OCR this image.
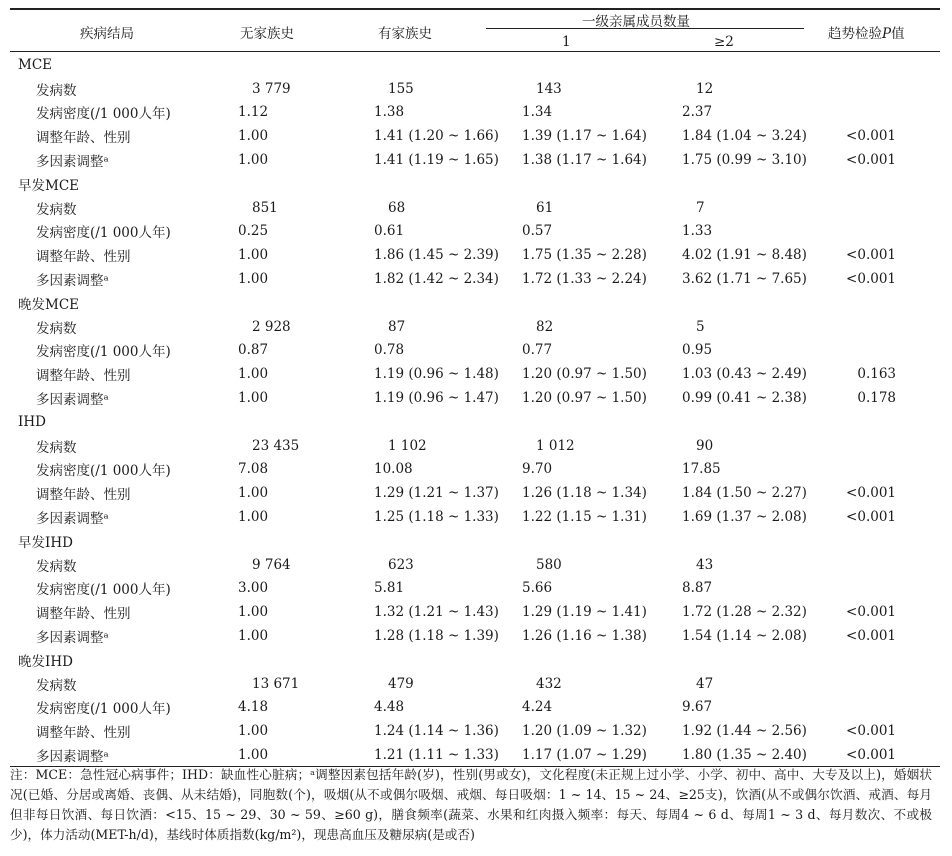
疾病结局	无家族史	有家族史
一级亲属成员数量
1	≥2	趋势检验P值
MCE					
发病数	3 779	155	143	12	
发病密度(/1 000人年)	1.12	1.38	1.34	2.37	
调整年龄、性别	1.00	1.41 (1.20 ~ 1.66)	1.39 (1.17 ~ 1.64)	1.84 (1.04 ~ 3.24)	<0.001
多因素调整ᵃ	1.00	1.41 (1.19 ~ 1.65)	1.38 (1.17 ~ 1.64)	1.75 (0.99 ~ 3.10)	<0.001
早发MCE					
发病数	851	68	61	7	
发病密度(/1 000人年)	0.25	0.61	0.57	1.33	
调整年龄、性别	1.00	1.86 (1.45 ~ 2.39)	1.75 (1.35 ~ 2.28)	4.02 (1.91 ~ 8.48)	<0.001
多因素调整ᵃ	1.00	1.82 (1.42 ~ 2.34)	1.72 (1.33 ~ 2.24)	3.62 (1.71 ~ 7.65)	<0.001
晚发MCE					
发病数	2 928	87	82	5	
发病密度(/1 000人年)	0.87	0.78	0.77	0.95	
调整年龄、性别	1.00	1.19 (0.96 ~ 1.48)	1.20 (0.97 ~ 1.50)	1.03 (0.43 ~ 2.49)	0.163
多因素调整ᵃ	1.00	1.19 (0.96 ~ 1.47)	1.20 (0.97 ~ 1.50)	0.99 (0.41 ~ 2.38)	0.178
IHD					
发病数	23 435	1 102	1 012	90	
发病密度(/1 000人年)	7.08	10.08	9.70	17.85	
调整年龄、性别	1.00	1.29 (1.21 ~ 1.37)	1.26 (1.18 ~ 1.34)	1.84 (1.50 ~ 2.27)	<0.001
多因素调整ᵃ	1.00	1.25 (1.18 ~ 1.33)	1.22 (1.15 ~ 1.31)	1.69 (1.37 ~ 2.08)	<0.001
早发IHD					
发病数	9 764	623	580	43	
发病密度(/1 000人年)	3.00	5.81	5.66	8.87	
调整年龄、性别	1.00	1.32 (1.21 ~ 1.43)	1.29 (1.19 ~ 1.41)	1.72 (1.28 ~ 2.32)	<0.001
多因素调整ᵃ	1.00	1.28 (1.18 ~ 1.39)	1.26 (1.16 ~ 1.38)	1.54 (1.14 ~ 2.08)	<0.001
晚发IHD					
发病数	13 671	479	432	47	
发病密度(/1 000人年)	4.18	4.48	4.24	9.67	
调整年龄、性别	1.00	1.24 (1.14 ~ 1.36)	1.20 (1.09 ~ 1.32)	1.92 (1.44 ~ 2.56)	<0.001
多因素调整ᵃ	1.00	1.21 (1.11 ~ 1.33)	1.17 (1.07 ~ 1.29)	1.80 (1.35 ~ 2.40)	<0.001
注：MCE：急性冠心病事件；IHD：缺血性心脏病；ᵃ调整因素包括年龄(岁)，性别(男或女)，文化程度(未正规上过小学、小学、初中、高中、大专及以上)，婚姻状况(已婚、分居或离婚、丧偶、从未结婚)，同胞数(个)，吸烟(从不或偶尔吸烟、戒烟、每日吸烟：1 ~ 14、15 ~ 24、≥25支)，饮酒(从不或偶尔饮酒、戒酒、每月但非每日饮酒、每日饮酒：<15、15 ~ 29、30 ~ 59、≥60 g)，膳食频率(蔬菜、水果和红肉摄入频率：每天、每周4 ~ 6 d、每周1 ~ 3 d、每月数次、不或极少)，体力活动(MET-h/d)，基线时体质指数(kg/m²)，现患高血压及糖尿病(是或否)
